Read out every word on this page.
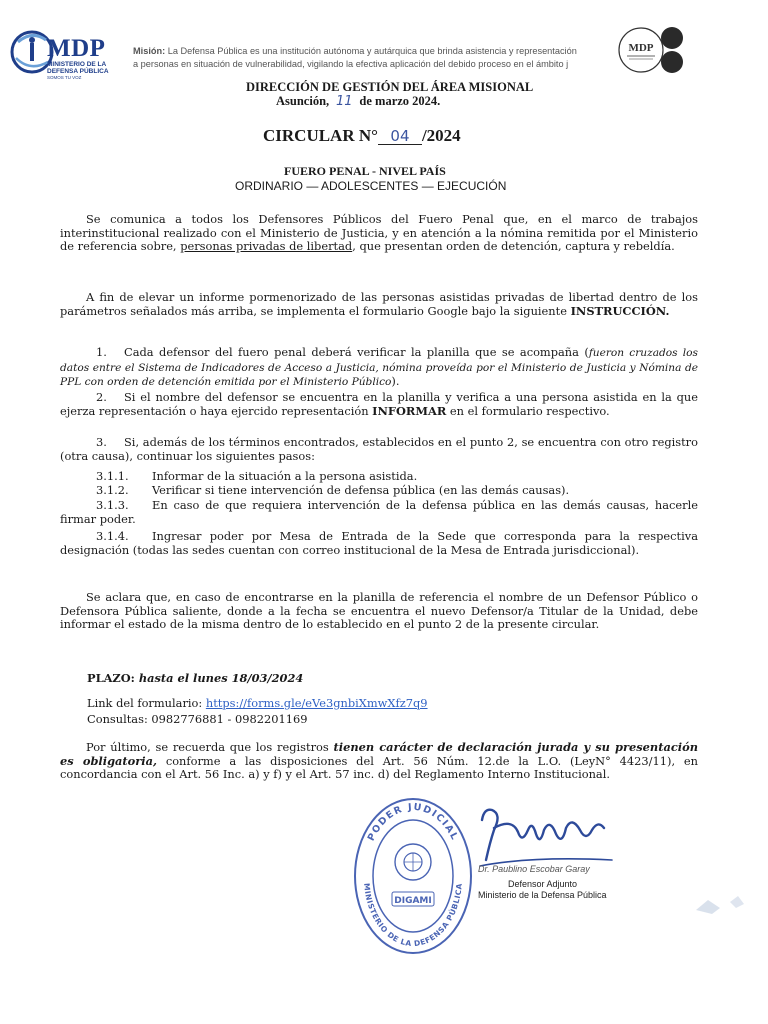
MDP
MINISTERIO DE LA
DEFENSA PÚBLICA
SOMOS TU VOZ
Misión: La Defensa Pública es una institución autónoma y autárquica que brinda asistencia y representación
a personas en situación de vulnerabilidad, vigilando la efectiva aplicación del debido proceso en el ámbito j
MDP
DIRECCIÓN DE GESTIÓN DEL ÁREA MISIONAL
Asunción, 11 de marzo 2024.
CIRCULAR N° 04 /2024
FUERO PENAL - NIVEL PAÍS
ORDINARIO — ADOLESCENTES — EJECUCIÓN
Se comunica a todos los Defensores Públicos del Fuero Penal que, en el marco de trabajos interinstitucional realizado con el Ministerio de Justicia, y en atención a la nómina remitida por el Ministerio de referencia sobre, personas privadas de libertad, que presentan orden de detención, captura y rebeldía.
A fin de elevar un informe pormenorizado de las personas asistidas privadas de libertad dentro de los parámetros señalados más arriba, se implementa el formulario Google bajo la siguiente INSTRUCCIÓN.
1. Cada defensor del fuero penal deberá verificar la planilla que se acompaña (fueron cruzados los datos entre el Sistema de Indicadores de Acceso a Justicia, nómina proveída por el Ministerio de Justicia y Nómina de PPL con orden de detención emitida por el Ministerio Público).
2. Si el nombre del defensor se encuentra en la planilla y verifica a una persona asistida en la que ejerza representación o haya ejercido representación INFORMAR en el formulario respectivo.
3. Si, además de los términos encontrados, establecidos en el punto 2, se encuentra con otro registro (otra causa), continuar los siguientes pasos:
3.1.1. Informar de la situación a la persona asistida.
3.1.2. Verificar si tiene intervención de defensa pública (en las demás causas).
3.1.3. En caso de que requiera intervención de la defensa pública en las demás causas, hacerle firmar poder.
3.1.4. Ingresar poder por Mesa de Entrada de la Sede que corresponda para la respectiva designación (todas las sedes cuentan con correo institucional de la Mesa de Entrada jurisdiccional).
Se aclara que, en caso de encontrarse en la planilla de referencia el nombre de un Defensor Público o Defensora Pública saliente, donde a la fecha se encuentra el nuevo Defensor/a Titular de la Unidad, debe informar el estado de la misma dentro de lo establecido en el punto 2 de la presente circular.
PLAZO: hasta el lunes 18/03/2024
Link del formulario: https://forms.gle/eVe3gnbiXmwXfz7q9
Consultas: 0982776881 - 0982201169
Por último, se recuerda que los registros tienen carácter de declaración jurada y su presentación es obligatoria, conforme a las disposiciones del Art. 56 Núm. 12.de la L.O. (LeyN° 4423/11), en concordancia con el Art. 56 Inc. a) y f) y el Art. 57 inc. d) del Reglamento Interno Institucional.
PODER JUDICIAL
MINISTERIO DE LA DEFENSA PÚBLICA
DIGAMI
Dr. Paublino Escobar Garay
Defensor Adjunto
Ministerio de la Defensa Pública
